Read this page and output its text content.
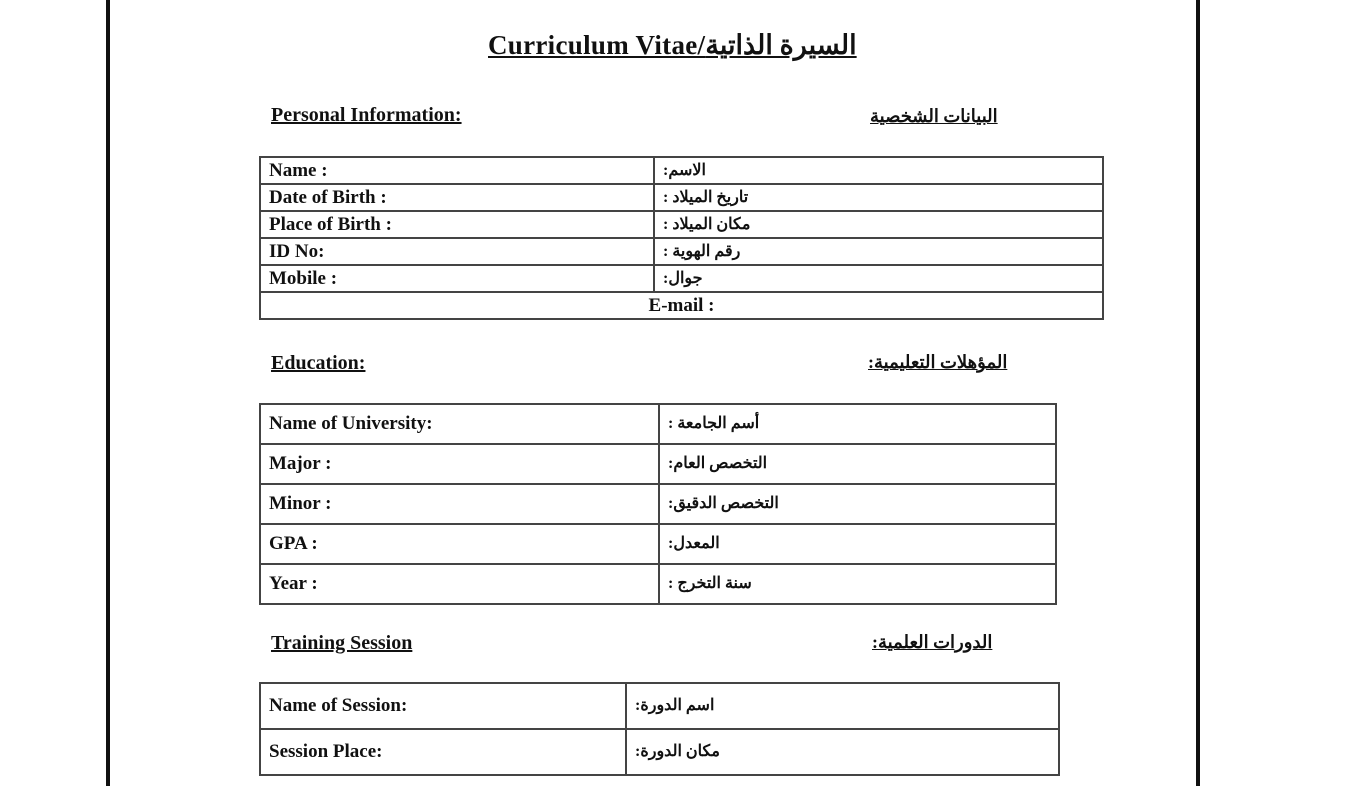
Curriculum Vitae/السيرة الذاتية
Personal Information:	البيانات الشخصية
Name :	الاسم:
Date of Birth :	تاريخ الميلاد :
Place of Birth :	مكان الميلاد :
ID No:	رقم الهوية :
Mobile :	جوال:
E-mail :	
Education:	المؤهلات التعليمية:
Name of University:	أسم الجامعة :
Major :	التخصص العام:
Minor :	التخصص الدقيق:
GPA :	المعدل:
Year :	سنة التخرج :
Training Session	الدورات العلمية:
Name of Session:	اسم الدورة:
Session Place:	مكان الدورة:
